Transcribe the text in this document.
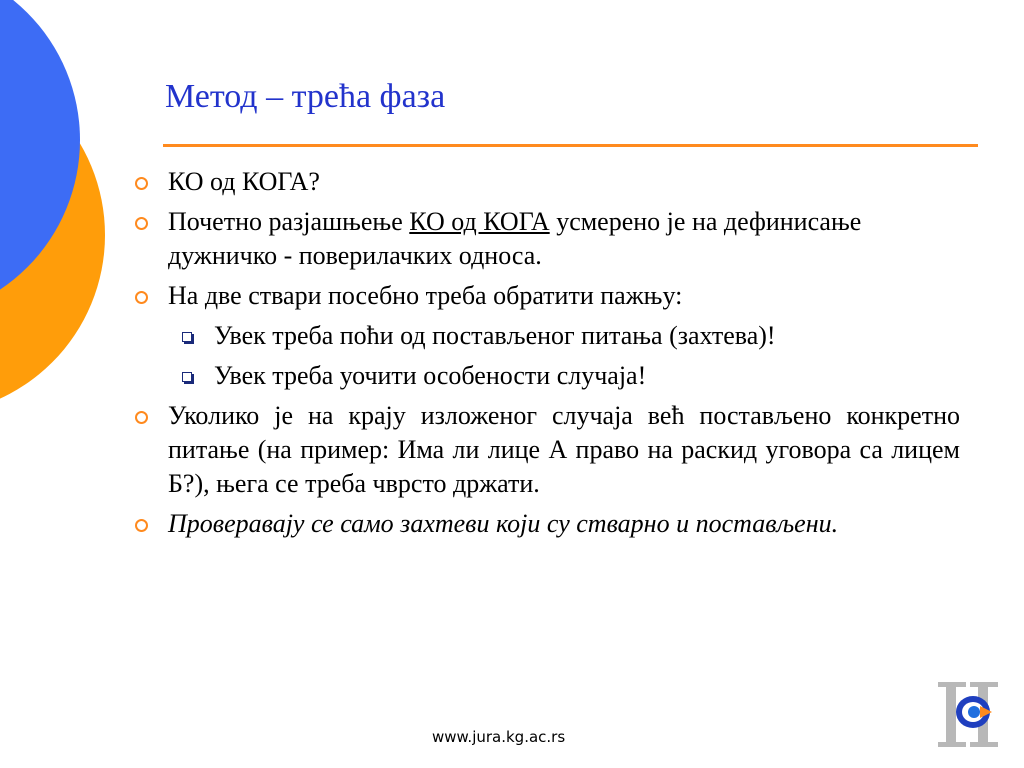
Метод – трећа фаза
КО од КОГА?
Почетно разјашњење КО од КОГА усмерено је на дефинисање дужничко - поверилачких односа.
На две ствари посебно треба обратити пажњу:
Увек треба поћи од постављеног питања (захтева)!
Увек треба уочити особености случаја!
Уколико је на крају изложеног случаја већ постављено конкретно питање (на пример: Има ли лице А право на раскид уговора са лицем Б?), њега се треба чврсто држати.
Проверавају се само захтеви који су стварно и постављени.
www.jura.kg.ac.rs
